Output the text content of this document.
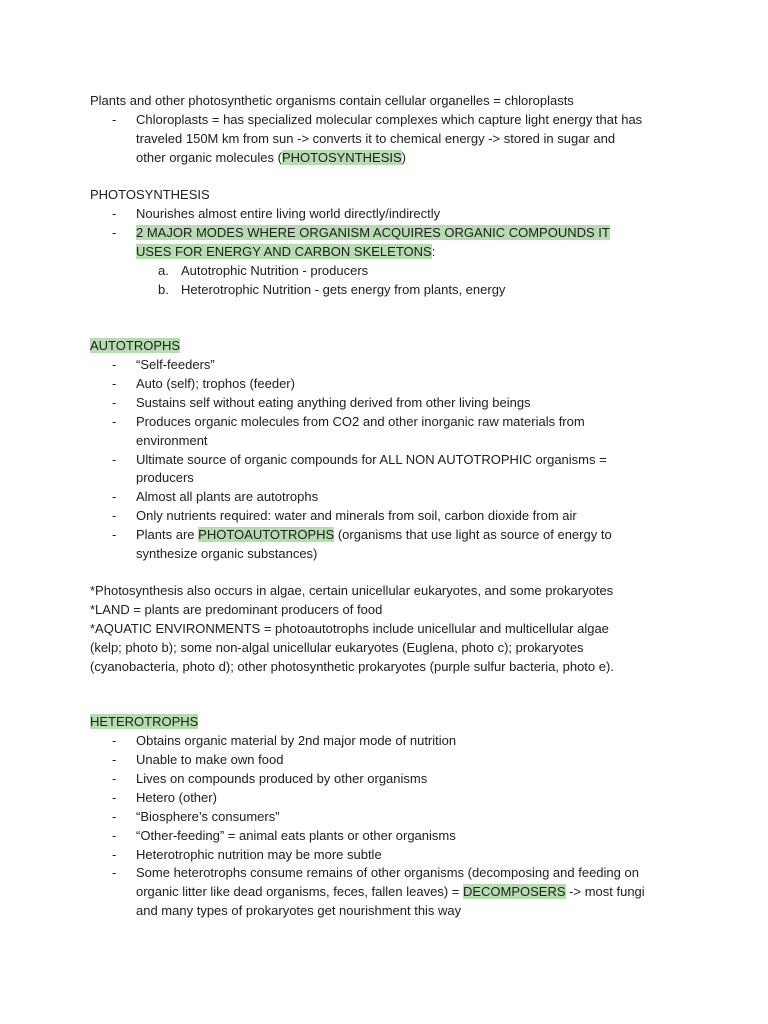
Plants and other photosynthetic organisms contain cellular organelles = chloroplasts
- Chloroplasts = has specialized molecular complexes which capture light energy that has
traveled 150M km from sun -> converts it to chemical energy -> stored in sugar and
other organic molecules (PHOTOSYNTHESIS)
PHOTOSYNTHESIS
- Nourishes almost entire living world directly/indirectly
- 2 MAJOR MODES WHERE ORGANISM ACQUIRES ORGANIC COMPOUNDS IT
USES FOR ENERGY AND CARBON SKELETONS:
a. Autotrophic Nutrition - producers
b. Heterotrophic Nutrition - gets energy from plants, energy
AUTOTROPHS
- “Self-feeders”
- Auto (self); trophos (feeder)
- Sustains self without eating anything derived from other living beings
- Produces organic molecules from CO2 and other inorganic raw materials from
environment
- Ultimate source of organic compounds for ALL NON AUTOTROPHIC organisms =
producers
- Almost all plants are autotrophs
- Only nutrients required: water and minerals from soil, carbon dioxide from air
- Plants are PHOTOAUTOTROPHS (organisms that use light as source of energy to
synthesize organic substances)
*Photosynthesis also occurs in algae, certain unicellular eukaryotes, and some prokaryotes
*LAND = plants are predominant producers of food
*AQUATIC ENVIRONMENTS = photoautotrophs include unicellular and multicellular algae
(kelp; photo b); some non-algal unicellular eukaryotes (Euglena, photo c); prokaryotes
(cyanobacteria, photo d); other photosynthetic prokaryotes (purple sulfur bacteria, photo e).
HETEROTROPHS
- Obtains organic material by 2nd major mode of nutrition
- Unable to make own food
- Lives on compounds produced by other organisms
- Hetero (other)
- “Biosphere’s consumers”
- “Other-feeding” = animal eats plants or other organisms
- Heterotrophic nutrition may be more subtle
- Some heterotrophs consume remains of other organisms (decomposing and feeding on
organic litter like dead organisms, feces, fallen leaves) = DECOMPOSERS -> most fungi
and many types of prokaryotes get nourishment this way
